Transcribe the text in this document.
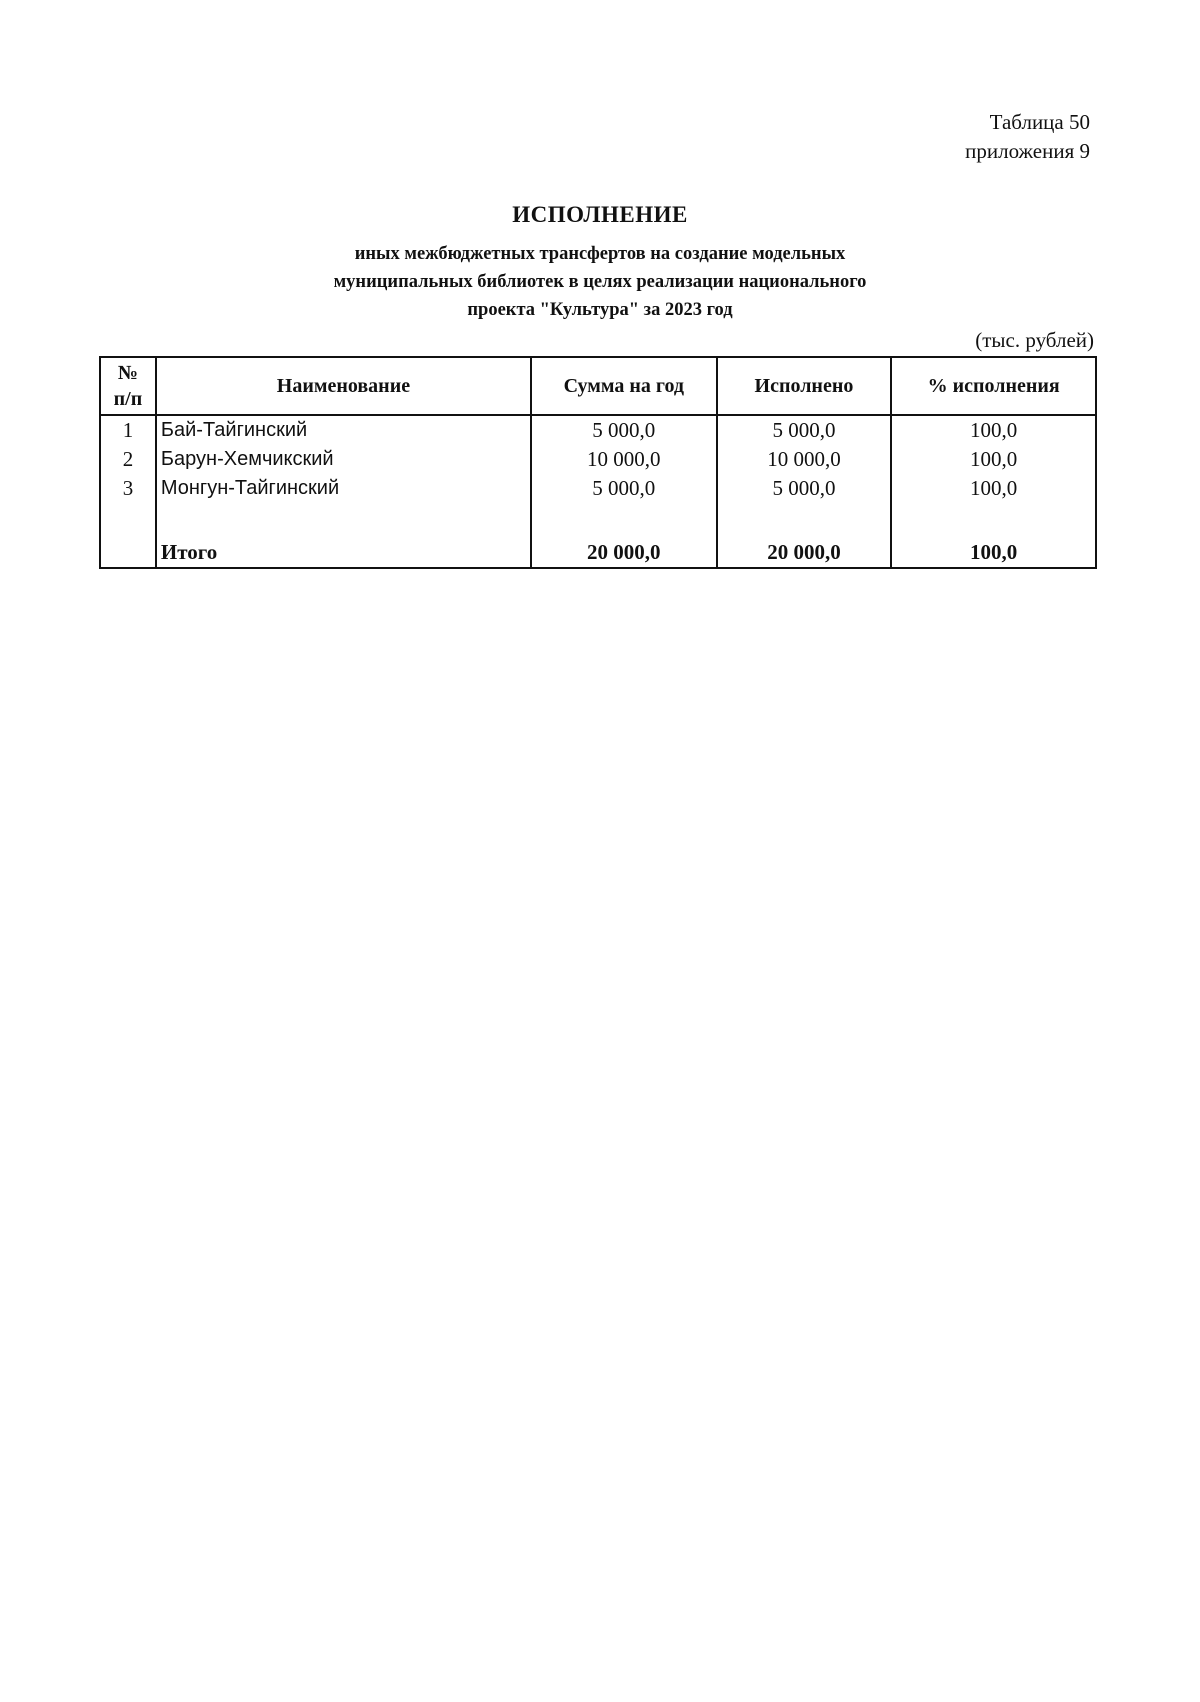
Таблица 50
приложения 9
ИСПОЛНЕНИЕ
иных межбюджетных трансфертов на создание модельных
муниципальных библиотек в целях реализации национального
проекта "Культура" за 2023 год
(тыс. рублей)
№
п/п	Наименование	Сумма на год	Исполнено	% исполнения
1	Бай-Тайгинский	5 000,0	5 000,0	100,0
2	Барун-Хемчикский	10 000,0	10 000,0	100,0
3	Монгун-Тайгинский	5 000,0	5 000,0	100,0
	Итого	20 000,0	20 000,0	100,0
